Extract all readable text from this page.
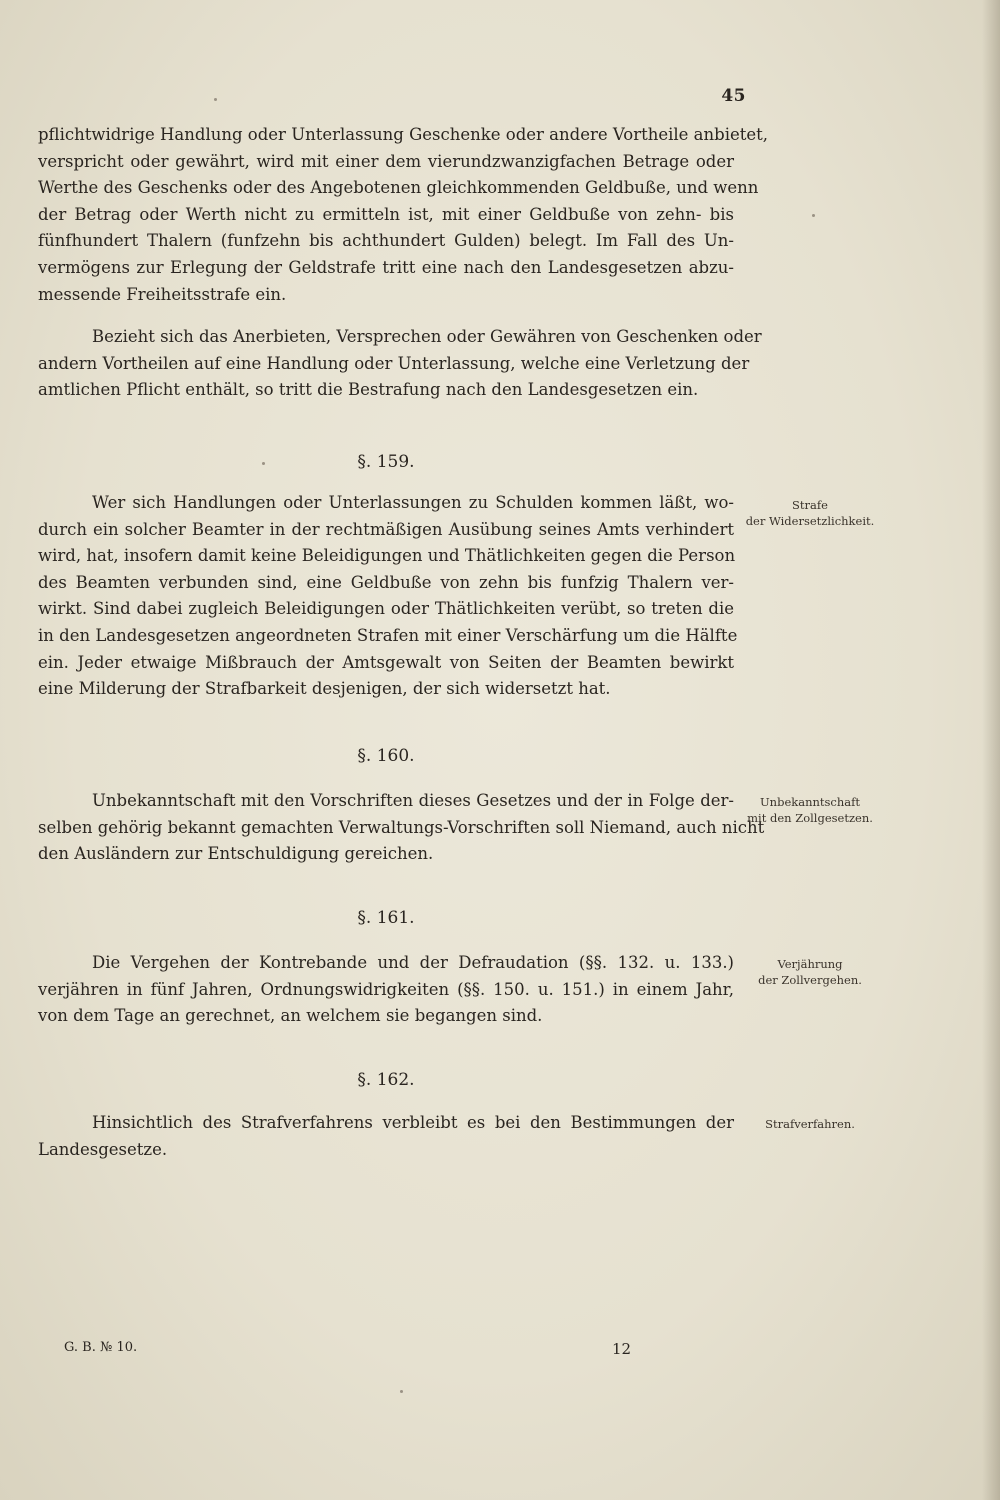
45
pflichtwidrige Handlung oder Unterlassung Geschenke oder andere Vortheile anbietet,
verspricht oder gewährt, wird mit einer dem vierundzwanzigfachen Betrage oder
Werthe des Geschenks oder des Angebotenen gleichkommenden Geldbuße, und wenn
der Betrag oder Werth nicht zu ermitteln ist, mit einer Geldbuße von zehn- bis
fünfhundert Thalern (funfzehn bis achthundert Gulden) belegt. Im Fall des Un-
vermögens zur Erlegung der Geldstrafe tritt eine nach den Landesgesetzen abzu-
messende Freiheitsstrafe ein.
Bezieht sich das Anerbieten, Versprechen oder Gewähren von Geschenken oder
andern Vortheilen auf eine Handlung oder Unterlassung, welche eine Verletzung der
amtlichen Pflicht enthält, so tritt die Bestrafung nach den Landesgesetzen ein.
§. 159.
Wer sich Handlungen oder Unterlassungen zu Schulden kommen läßt, wo-
durch ein solcher Beamter in der rechtmäßigen Ausübung seines Amts verhindert
wird, hat, insofern damit keine Beleidigungen und Thätlichkeiten gegen die Person
des Beamten verbunden sind, eine Geldbuße von zehn bis funfzig Thalern ver-
wirkt. Sind dabei zugleich Beleidigungen oder Thätlichkeiten verübt, so treten die
in den Landesgesetzen angeordneten Strafen mit einer Verschärfung um die Hälfte
ein. Jeder etwaige Mißbrauch der Amtsgewalt von Seiten der Beamten bewirkt
eine Milderung der Strafbarkeit desjenigen, der sich widersetzt hat.
Strafe
der Widersetzlichkeit.
§. 160.
Unbekanntschaft mit den Vorschriften dieses Gesetzes und der in Folge der-
selben gehörig bekannt gemachten Verwaltungs-Vorschriften soll Niemand, auch nicht
den Ausländern zur Entschuldigung gereichen.
Unbekanntschaft
mit den Zollgesetzen.
§. 161.
Die Vergehen der Kontrebande und der Defraudation (§§. 132. u. 133.)
verjähren in fünf Jahren, Ordnungswidrigkeiten (§§. 150. u. 151.) in einem Jahr,
von dem Tage an gerechnet, an welchem sie begangen sind.
Verjährung
der Zollvergehen.
§. 162.
Hinsichtlich des Strafverfahrens verbleibt es bei den Bestimmungen der
Landesgesetze.
Strafverfahren.
G. B. № 10.	12
